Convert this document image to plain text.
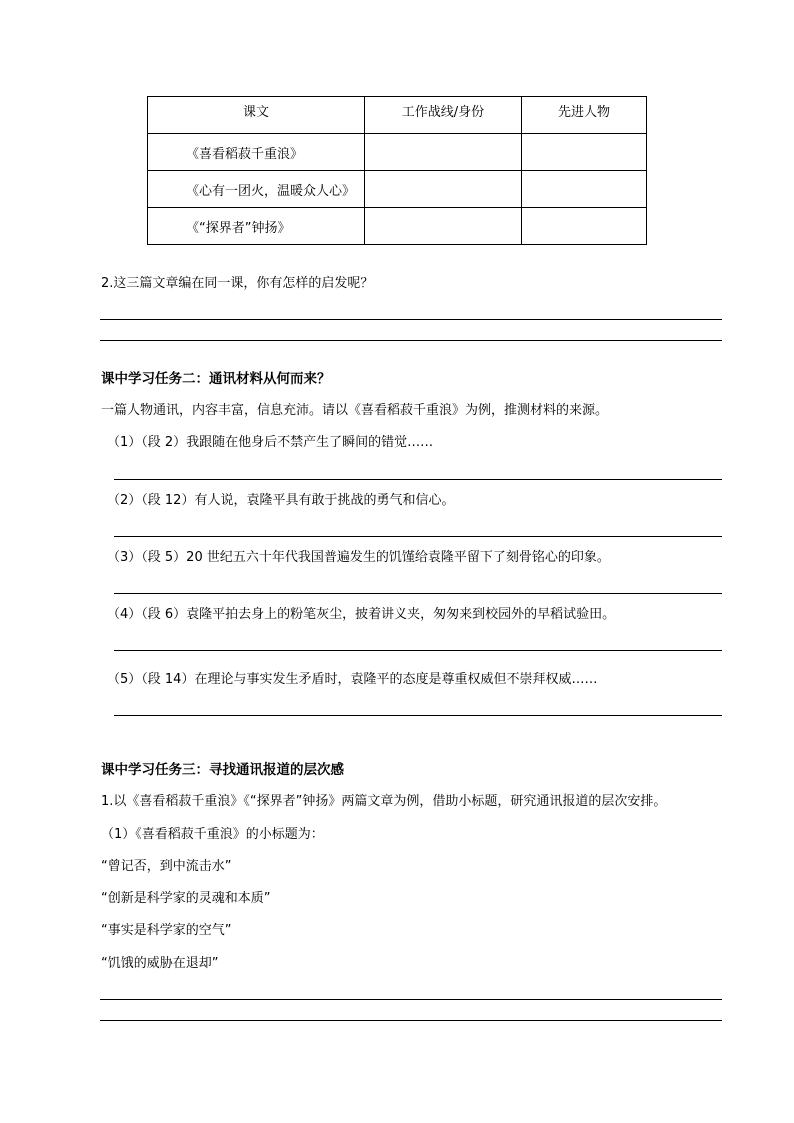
课文	工作战线/身份	先进人物
《喜看稻菽千重浪》		
《心有一团火，温暖众人心》		
《“探界者”钟扬》		
2.这三篇文章编在同一课，你有怎样的启发呢？
课中学习任务二：通讯材料从何而来？
一篇人物通讯，内容丰富，信息充沛。请以《喜看稻菽千重浪》为例，推测材料的来源。
（1）（段 2）我跟随在他身后不禁产生了瞬间的错觉……
（2）（段 12）有人说，袁隆平具有敢于挑战的勇气和信心。
（3）（段 5）20 世纪五六十年代我国普遍发生的饥馑给袁隆平留下了刻骨铭心的印象。
（4）（段 6）袁隆平拍去身上的粉笔灰尘，披着讲义夹，匆匆来到校园外的早稻试验田。
（5）（段 14）在理论与事实发生矛盾时，袁隆平的态度是尊重权威但不崇拜权威……
课中学习任务三：寻找通讯报道的层次感
1.以《喜看稻菽千重浪》《“探界者”钟扬》两篇文章为例，借助小标题，研究通讯报道的层次安排。
（1）《喜看稻菽千重浪》的小标题为：
“曾记否，到中流击水”
“创新是科学家的灵魂和本质”
“事实是科学家的空气”
“饥饿的威胁在退却”
